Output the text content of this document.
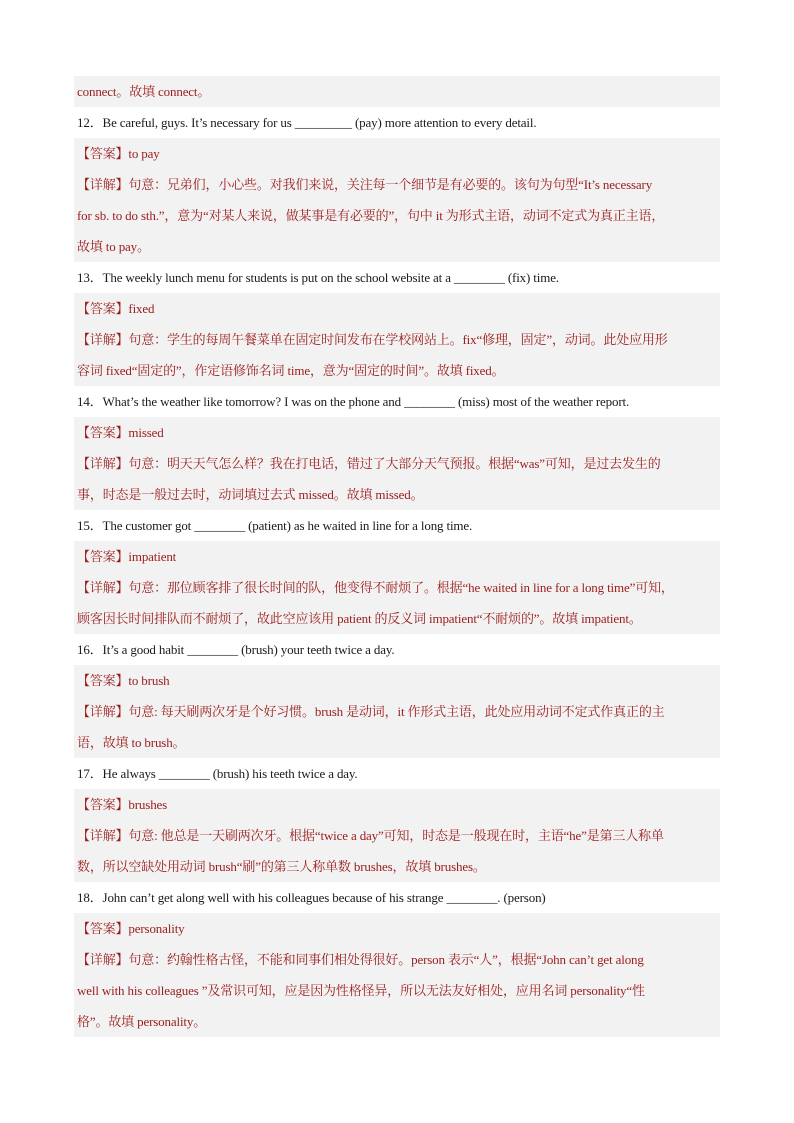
connect。故填 connect。
12．Be careful, guys. It’s necessary for us _________ (pay) more attention to every detail.
【答案】to pay
【详解】句意：兄弟们，小心些。对我们来说，关注每一个细节是有必要的。该句为句型“It’s necessary
for sb. to do sth.”，意为“对某人来说，做某事是有必要的”，句中 it 为形式主语，动词不定式为真正主语，
故填 to pay。
13．The weekly lunch menu for students is put on the school website at a ________ (fix) time.
【答案】fixed
【详解】句意：学生的每周午餐菜单在固定时间发布在学校网站上。fix“修理，固定”，动词。此处应用形
容词 fixed“固定的”，作定语修饰名词 time，意为“固定的时间”。故填 fixed。
14．What’s the weather like tomorrow? I was on the phone and ________ (miss) most of the weather report.
【答案】missed
【详解】句意：明天天气怎么样？我在打电话，错过了大部分天气预报。根据“was”可知，是过去发生的
事，时态是一般过去时，动词填过去式 missed。故填 missed。
15．The customer got ________ (patient) as he waited in line for a long time.
【答案】impatient
【详解】句意：那位顾客排了很长时间的队，他变得不耐烦了。根据“he waited in line for a long time”可知，
顾客因长时间排队而不耐烦了，故此空应该用 patient 的反义词 impatient“不耐烦的”。故填 impatient。
16．It’s a good habit ________ (brush) your teeth twice a day.
【答案】to brush
【详解】句意: 每天刷两次牙是个好习惯。brush 是动词，it 作形式主语，此处应用动词不定式作真正的主
语，故填 to brush。
17．He always ________ (brush) his teeth twice a day.
【答案】brushes
【详解】句意: 他总是一天刷两次牙。根据“twice a day”可知，时态是一般现在时，主语“he”是第三人称单
数，所以空缺处用动词 brush“刷”的第三人称单数 brushes，故填 brushes。
18．John can’t get along well with his colleagues because of his strange ________. (person)
【答案】personality
【详解】句意：约翰性格古怪，不能和同事们相处得很好。person 表示“人”，根据“John can’t get along
well with his colleagues ”及常识可知，应是因为性格怪异，所以无法友好相处，应用名词 personality“性
格”。故填 personality。
